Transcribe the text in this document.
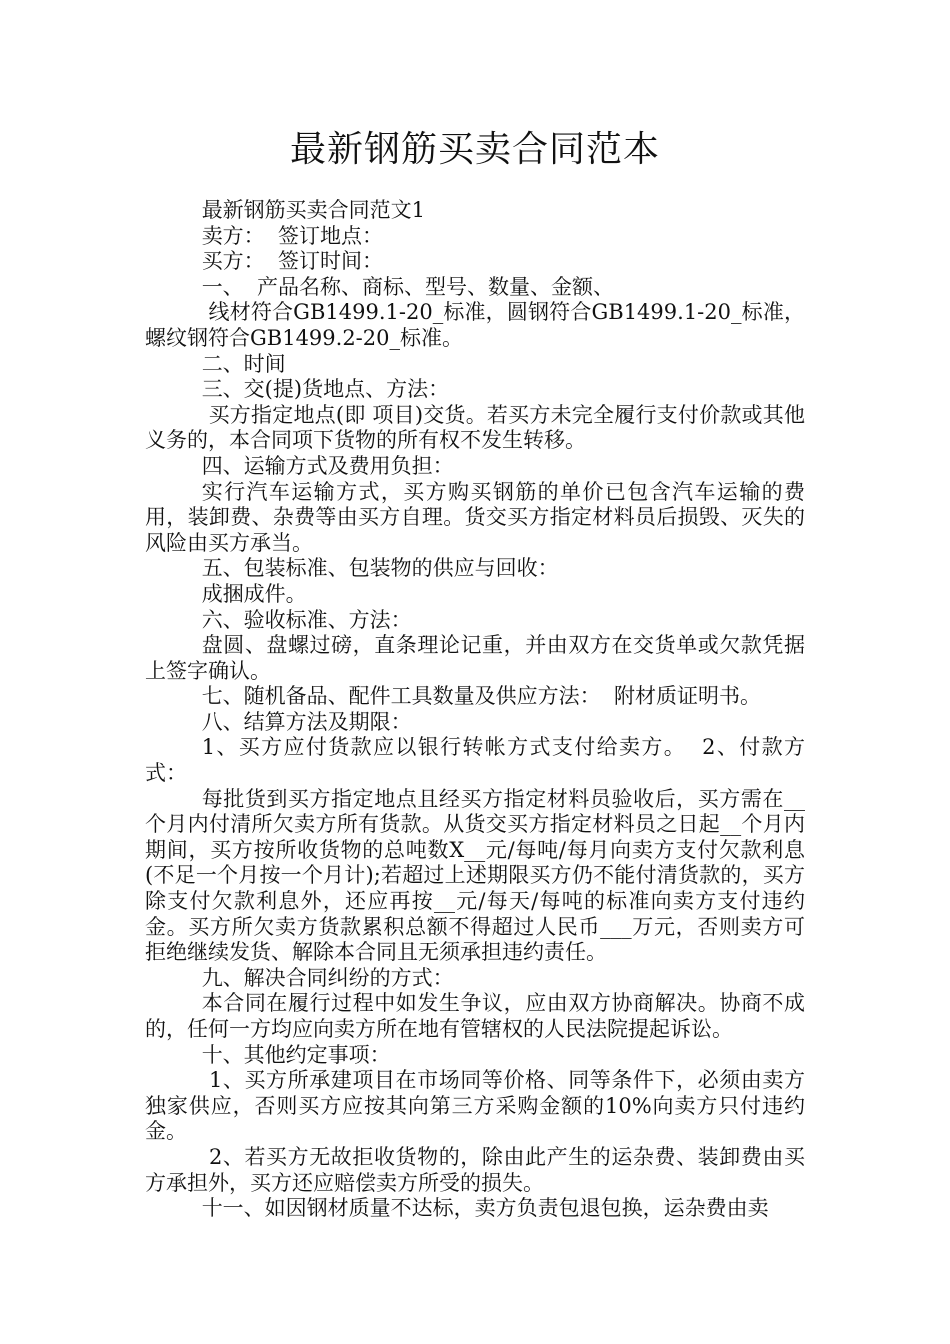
最新钢筋买卖合同范本

最新钢筋买卖合同范文1

卖方：  签订地点：

买方：  签订时间：

一、  产品名称、商标、型号、数量、金额、

线材符合GB1499.1-20_标准，圆钢符合GB1499.1-20_标准，螺纹钢符合GB1499.2-20_标准。

二、时间

三、交(提)货地点、方法：

买方指定地点(即 项目)交货。若买方未完全履行支付价款或其他义务的，本合同项下货物的所有权不发生转移。

四、运输方式及费用负担：

实行汽车运输方式，买方购买钢筋的单价已包含汽车运输的费用，装卸费、杂费等由买方自理。货交买方指定材料员后损毁、灭失的风险由买方承当。

五、包装标准、包装物的供应与回收：

成捆成件。

六、验收标准、方法：

盘圆、盘螺过磅，直条理论记重，并由双方在交货单或欠款凭据上签字确认。

七、随机备品、配件工具数量及供应方法：  附材质证明书。

八、结算方法及期限：

1、买方应付货款应以银行转帐方式支付给卖方。  2、付款方式：

每批货到买方指定地点且经买方指定材料员验收后，买方需在__个月内付清所欠卖方所有货款。从货交买方指定材料员之日起__个月内期间，买方按所收货物的总吨数X__元/每吨/每月向卖方支付欠款利息(不足一个月按一个月计);若超过上述期限买方仍不能付清货款的，买方除支付欠款利息外，还应再按__元/每天/每吨的标准向卖方支付违约金。买方所欠卖方货款累积总额不得超过人民币___万元，否则卖方可拒绝继续发货、解除本合同且无须承担违约责任。

九、解决合同纠纷的方式：

本合同在履行过程中如发生争议，应由双方协商解决。协商不成的，任何一方均应向卖方所在地有管辖权的人民法院提起诉讼。

十、其他约定事项：

1、买方所承建项目在市场同等价格、同等条件下，必须由卖方独家供应，否则买方应按其向第三方采购金额的10%向卖方只付违约金。

2、若买方无故拒收货物的，除由此产生的运杂费、装卸费由买方承担外，买方还应赔偿卖方所受的损失。

十一、如因钢材质量不达标，卖方负责包退包换，运杂费由卖
